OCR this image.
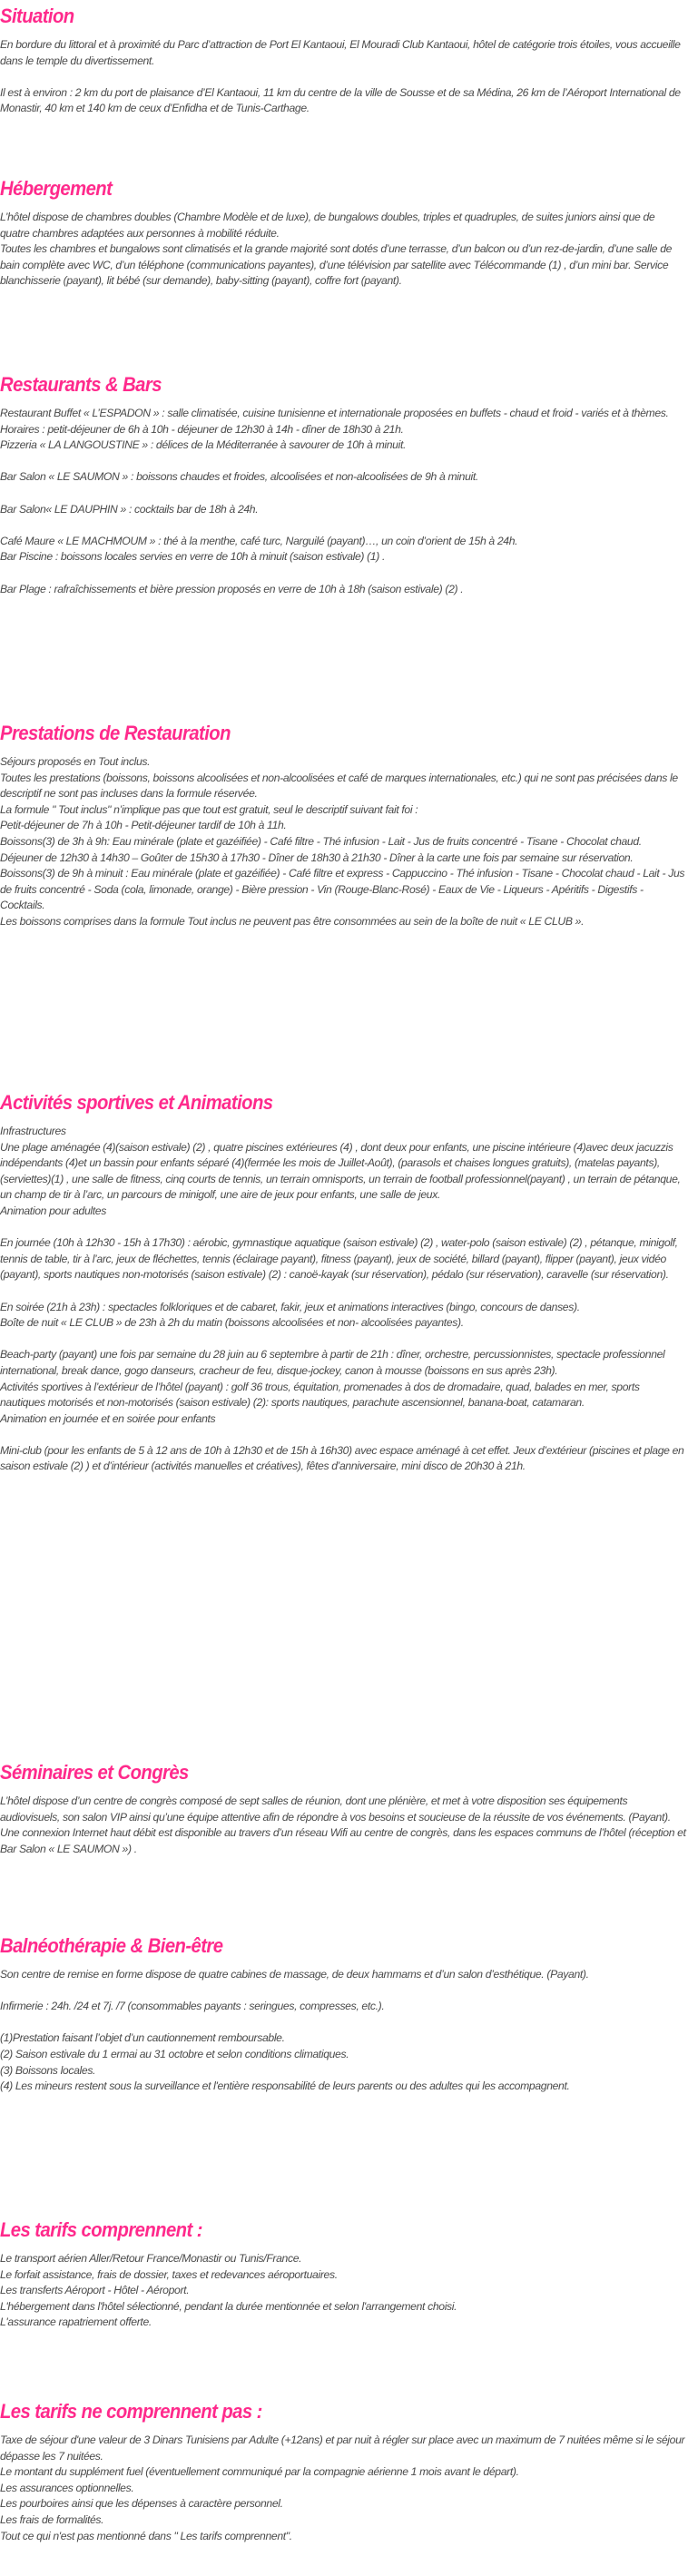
Situation

En bordure du littoral et à proximité du Parc d’attraction de Port El Kantaoui, El Mouradi Club Kantaoui, hôtel de catégorie trois étoiles, vous accueille dans le temple du divertissement.

Il est à environ : 2 km du port de plaisance d’El Kantaoui, 11 km du centre de la ville de Sousse et de sa Médina, 26 km de l’Aéroport International de Monastir, 40 km et 140 km de ceux d’Enfidha et de Tunis-Carthage.

Hébergement

L’hôtel dispose de chambres doubles (Chambre Modèle et de luxe), de bungalows doubles, triples et quadruples, de suites juniors ainsi que de quatre chambres adaptées aux personnes à mobilité réduite.

Toutes les chambres et bungalows sont climatisés et la grande majorité sont dotés d’une terrasse, d’un balcon ou d’un rez-de-jardin, d’une salle de bain complète avec WC, d’un téléphone (communications payantes), d’une télévision par satellite avec Télécommande (1) , d’un mini bar. Service blanchisserie (payant), lit bébé (sur demande), baby-sitting (payant), coffre fort (payant).

Restaurants & Bars

Restaurant Buffet « L’ESPADON » : salle climatisée, cuisine tunisienne et internationale proposées en buffets - chaud et froid - variés et à thèmes. Horaires : petit-déjeuner de 6h à 10h - déjeuner de 12h30 à 14h - dîner de 18h30 à 21h.

Pizzeria « LA LANGOUSTINE » : délices de la Méditerranée à savourer de 10h à minuit.

Bar Salon « LE SAUMON » : boissons chaudes et froides, alcoolisées et non-alcoolisées de 9h à minuit.

Bar Salon« LE DAUPHIN » : cocktails bar de 18h à 24h.

Café Maure « LE MACHMOUM » : thé à la menthe, café turc, Narguilé (payant)…, un coin d’orient de 15h à 24h.

Bar Piscine : boissons locales servies en verre de 10h à minuit (saison estivale) (1) .

Bar Plage : rafraîchissements et bière pression proposés en verre de 10h à 18h (saison estivale) (2) .

Prestations de Restauration

Séjours proposés en Tout inclus.

Toutes les prestations (boissons, boissons alcoolisées et non-alcoolisées et café de marques internationales, etc.) qui ne sont pas précisées dans le descriptif ne sont pas incluses dans la formule réservée.

La formule " Tout inclus" n’implique pas que tout est gratuit, seul le descriptif suivant fait foi :

Petit-déjeuner de 7h à 10h - Petit-déjeuner tardif de 10h à 11h.

Boissons(3) de 3h à 9h: Eau minérale (plate et gazéifiée) - Café filtre - Thé infusion - Lait - Jus de fruits concentré - Tisane - Chocolat chaud.

Déjeuner de 12h30 à 14h30 – Goûter de 15h30 à 17h30 - Dîner de 18h30 à 21h30 - Dîner à la carte une fois par semaine sur réservation.

Boissons(3) de 9h à minuit : Eau minérale (plate et gazéifiée) - Café filtre et express - Cappuccino - Thé infusion - Tisane - Chocolat chaud - Lait - Jus de fruits concentré - Soda (cola, limonade, orange) - Bière pression - Vin (Rouge-Blanc-Rosé) - Eaux de Vie - Liqueurs - Apéritifs - Digestifs - Cocktails.

Les boissons comprises dans la formule Tout inclus ne peuvent pas être consommées au sein de la boîte de nuit « LE CLUB ».

Activités sportives et Animations

Infrastructures

Une plage aménagée (4)(saison estivale) (2) , quatre piscines extérieures (4) , dont deux pour enfants, une piscine intérieure (4)avec deux jacuzzis indépendants (4)et un bassin pour enfants séparé (4)(fermée les mois de Juillet-Août), (parasols et chaises longues gratuits), (matelas payants), (serviettes)(1) , une salle de fitness, cinq courts de tennis, un terrain omnisports, un terrain de football professionnel(payant) , un terrain de pétanque, un champ de tir à l’arc, un parcours de minigolf, une aire de jeux pour enfants, une salle de jeux.

Animation pour adultes

En journée (10h à 12h30 - 15h à 17h30) : aérobic, gymnastique aquatique (saison estivale) (2) , water-polo (saison estivale) (2) , pétanque, minigolf, tennis de table, tir à l’arc, jeux de fléchettes, tennis (éclairage payant), fitness (payant), jeux de société, billard (payant), flipper (payant), jeux vidéo (payant), sports nautiques non-motorisés (saison estivale) (2) : canoë-kayak (sur réservation), pédalo (sur réservation), caravelle (sur réservation).

En soirée (21h à 23h) : spectacles folkloriques et de cabaret, fakir, jeux et animations interactives (bingo, concours de danses).

Boîte de nuit « LE CLUB » de 23h à 2h du matin (boissons alcoolisées et non- alcoolisées payantes).

Beach-party (payant) une fois par semaine du 28 juin au 6 septembre à partir de 21h : dîner, orchestre, percussionnistes, spectacle professionnel international, break dance, gogo danseurs, cracheur de feu, disque-jockey, canon à mousse (boissons en sus après 23h).

Activités sportives à l’extérieur de l’hôtel (payant) : golf 36 trous, équitation, promenades à dos de dromadaire, quad, balades en mer, sports nautiques motorisés et non-motorisés (saison estivale) (2): sports nautiques, parachute ascensionnel, banana-boat, catamaran.

Animation en journée et en soirée pour enfants

Mini-club (pour les enfants de 5 à 12 ans de 10h à 12h30 et de 15h à 16h30) avec espace aménagé à cet effet. Jeux d’extérieur (piscines et plage en saison estivale (2) ) et d’intérieur (activités manuelles et créatives), fêtes d’anniversaire, mini disco de 20h30 à 21h.

Séminaires et Congrès

L’hôtel dispose d’un centre de congrès composé de sept salles de réunion, dont une plénière, et met à votre disposition ses équipements audiovisuels, son salon VIP ainsi qu’une équipe attentive afin de répondre à vos besoins et soucieuse de la réussite de vos événements. (Payant).

Une connexion Internet haut débit est disponible au travers d’un réseau Wifi au centre de congrès, dans les espaces communs de l’hôtel (réception et Bar Salon « LE SAUMON ») .

Balnéothérapie & Bien-être

Son centre de remise en forme dispose de quatre cabines de massage, de deux hammams et d’un salon d’esthétique. (Payant).

Infirmerie : 24h. /24 et 7j. /7 (consommables payants : seringues, compresses, etc.).

(1)Prestation faisant l’objet d’un cautionnement remboursable.

(2) Saison estivale du 1 ermai au 31 octobre et selon conditions climatiques.

(3) Boissons locales.

(4) Les mineurs restent sous la surveillance et l'entière responsabilité de leurs parents ou des adultes qui les accompagnent.

Les tarifs comprennent :

Le transport aérien Aller/Retour France/Monastir ou Tunis/France.

Le forfait assistance, frais de dossier, taxes et redevances aéroportuaires.

Les transferts Aéroport - Hôtel - Aéroport.

L'hébergement dans l'hôtel sélectionné, pendant la durée mentionnée et selon l'arrangement choisi.

L'assurance rapatriement offerte.

Les tarifs ne comprennent pas :

Taxe de séjour d'une valeur de 3 Dinars Tunisiens par Adulte (+12ans) et par nuit à régler sur place avec un maximum de 7 nuitées même si le séjour dépasse les 7 nuitées.

Le montant du supplément fuel (éventuellement communiqué par la compagnie aérienne 1 mois avant le départ).

Les assurances optionnelles.

Les pourboires ainsi que les dépenses à caractère personnel.

Les frais de formalités.

Tout ce qui n'est pas mentionné dans " Les tarifs comprennent".
